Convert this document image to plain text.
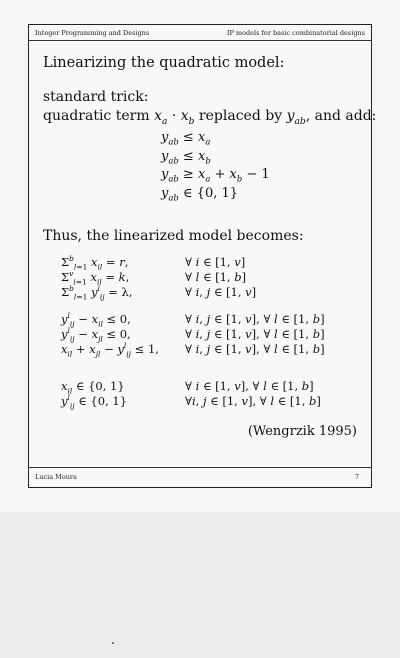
Integer Programming and Designs	IP models for basic combinatorial designs
Linearizing the quadratic model:
standard trick:
quadratic term $x_a \cdot x_b$ replaced by $y_{ab}$, and add:
$y_{ab} \le x_a$
$y_{ab} \le x_b$
$y_{ab} \ge x_a + x_b - 1$
$y_{ab}$ ∈ {0, 1}
Thus, the linearized model becomes:
$\Sigma^b_{l=1}$ $x_{il} = r$,	∀ i ∈ [1, v]
$\Sigma^v_{i=1}$ $x_{il} = k$,	∀ l ∈ [1, b]
$\Sigma^b_{l=1}$ $y^l_{ij} = \lambda$,	∀ i, j ∈ [1, v]
$y^l_{ij} - x_{il} \le 0$,	∀ i, j ∈ [1, v], ∀ l ∈ [1, b]
$y^l_{ij} - x_{jl} \le 0$,	∀ i, j ∈ [1, v], ∀ l ∈ [1, b]
$x_{il} + x_{jl} - y^l_{ij} \le 1$,	∀ i, j ∈ [1, v], ∀ l ∈ [1, b]
$x_{il}$ ∈ {0, 1}	∀ i ∈ [1, v], ∀ l ∈ [1, b]
$y^l_{ij}$ ∈ {0, 1}	∀i, j ∈ [1, v], ∀ l ∈ [1, b]
(Wengrzik 1995)
Lucia Moura	7
